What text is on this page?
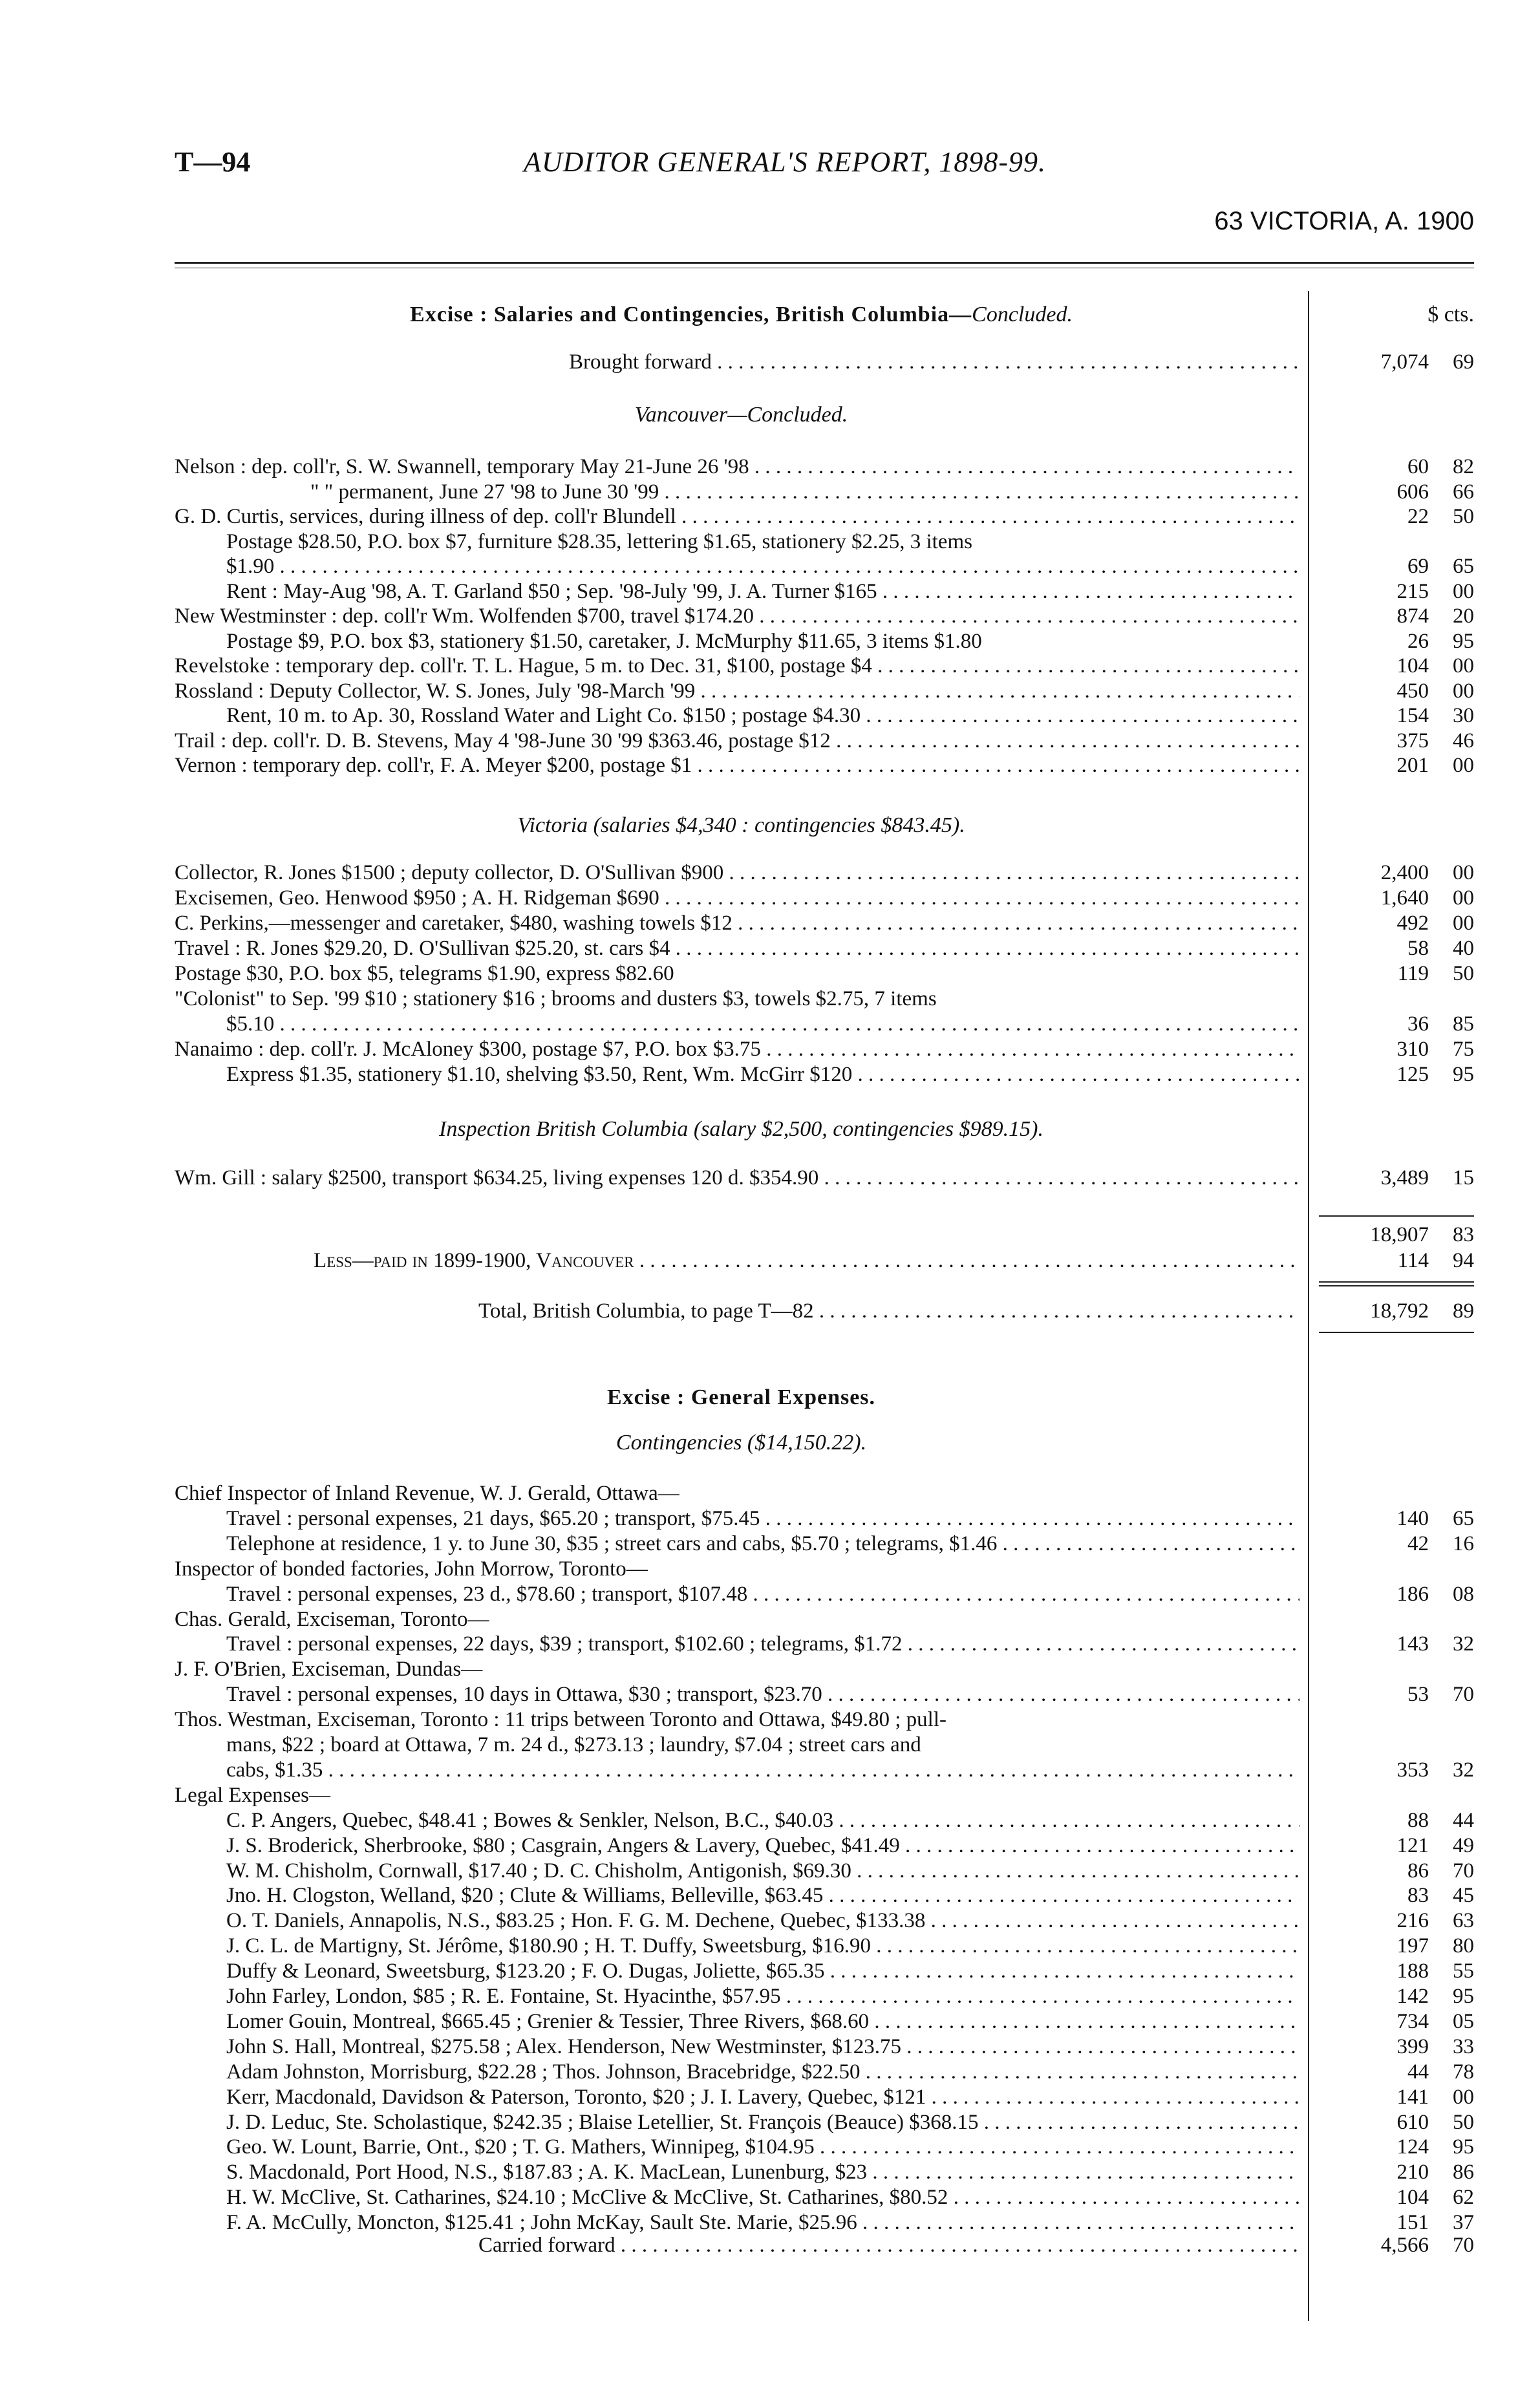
T—94	AUDITOR GENERAL'S REPORT, 1898-99.
63 VICTORIA, A. 1900
Excise : Salaries and Contingencies, British Columbia—Concluded.	$ cts.
Brought forward . . .	7,074 69
Vancouver—Concluded.
Nelson : dep. coll'r, S. W. Swannell, temporary May 21-June 26 '98 . . .	60 82
" " permanent, June 27 '98 to June 30 '99 . . .	606 66
G. D. Curtis, services, during illness of dep. coll'r Blundell . . .	22 50
Postage $28.50, P.O. box $7, furniture $28.35, lettering $1.65, stationery $2.25, 3 items
$1.90 . . .	69 65
Rent : May-Aug '98, A. T. Garland $50 ; Sep. '98-July '99, J. A. Turner $165 . . .	215 00
New Westminster : dep. coll'r Wm. Wolfenden $700, travel $174.20 . . .	874 20
Postage $9, P.O. box $3, stationery $1.50, caretaker, J. McMurphy $11.65, 3 items $1.80	26 95
Revelstoke : temporary dep. coll'r. T. L. Hague, 5 m. to Dec. 31, $100, postage $4 . . .	104 00
Rossland : Deputy Collector, W. S. Jones, July '98-March '99 . . .	450 00
Rent, 10 m. to Ap. 30, Rossland Water and Light Co. $150 ; postage $4.30 . . .	154 30
Trail : dep. coll'r. D. B. Stevens, May 4 '98-June 30 '99 $363.46, postage $12 . . .	375 46
Vernon : temporary dep. coll'r, F. A. Meyer $200, postage $1 . . .	201 00
Victoria (salaries $4,340 : contingencies $843.45).
Collector, R. Jones $1500 ; deputy collector, D. O'Sullivan $900 . . .	2,400 00
Excisemen, Geo. Henwood $950 ; A. H. Ridgeman $690 . . .	1,640 00
C. Perkins,—messenger and caretaker, $480, washing towels $12 . . .	492 00
Travel : R. Jones $29.20, D. O'Sullivan $25.20, st. cars $4 . . .	58 40
Postage $30, P.O. box $5, telegrams $1.90, express $82.60	119 50
"Colonist" to Sep. '99 $10 ; stationery $16 ; brooms and dusters $3, towels $2.75, 7 items
$5.10 . . .	36 85
Nanaimo : dep. coll'r. J. McAloney $300, postage $7, P.O. box $3.75 . . .	310 75
Express $1.35, stationery $1.10, shelving $3.50, Rent, Wm. McGirr $120 . . .	125 95
Inspection British Columbia (salary $2,500, contingencies $989.15).
Wm. Gill : salary $2500, transport $634.25, living expenses 120 d. $354.90 . . .	3,489 15
18,907 83
Less—paid in 1899-1900, Vancouver . . .	114 94
Total, British Columbia, to page T—82 . . .	18,792 89
Excise : General Expenses.
Contingencies ($14,150.22).
Chief Inspector of Inland Revenue, W. J. Gerald, Ottawa—
Travel : personal expenses, 21 days, $65.20 ; transport, $75.45 . . .	140 65
Telephone at residence, 1 y. to June 30, $35 ; street cars and cabs, $5.70 ; telegrams, $1.46 . . .	42 16
Inspector of bonded factories, John Morrow, Toronto—
Travel : personal expenses, 23 d., $78.60 ; transport, $107.48 . . .	186 08
Chas. Gerald, Exciseman, Toronto—
Travel : personal expenses, 22 days, $39 ; transport, $102.60 ; telegrams, $1.72 . . .	143 32
J. F. O'Brien, Exciseman, Dundas—
Travel : personal expenses, 10 days in Ottawa, $30 ; transport, $23.70 . . .	53 70
Thos. Westman, Exciseman, Toronto : 11 trips between Toronto and Ottawa, $49.80 ; pull-
mans, $22 ; board at Ottawa, 7 m. 24 d., $273.13 ; laundry, $7.04 ; street cars and
cabs, $1.35 . . .	353 32
Legal Expenses—
C. P. Angers, Quebec, $48.41 ; Bowes & Senkler, Nelson, B.C., $40.03 . . .	88 44
J. S. Broderick, Sherbrooke, $80 ; Casgrain, Angers & Lavery, Quebec, $41.49 . . .	121 49
W. M. Chisholm, Cornwall, $17.40 ; D. C. Chisholm, Antigonish, $69.30 . . .	86 70
Jno. H. Clogston, Welland, $20 ; Clute & Williams, Belleville, $63.45 . . .	83 45
O. T. Daniels, Annapolis, N.S., $83.25 ; Hon. F. G. M. Dechene, Quebec, $133.38 . . .	216 63
J. C. L. de Martigny, St. Jérôme, $180.90 ; H. T. Duffy, Sweetsburg, $16.90 . . .	197 80
Duffy & Leonard, Sweetsburg, $123.20 ; F. O. Dugas, Joliette, $65.35 . . .	188 55
John Farley, London, $85 ; R. E. Fontaine, St. Hyacinthe, $57.95 . . .	142 95
Lomer Gouin, Montreal, $665.45 ; Grenier & Tessier, Three Rivers, $68.60 . . .	734 05
John S. Hall, Montreal, $275.58 ; Alex. Henderson, New Westminster, $123.75 . . .	399 33
Adam Johnston, Morrisburg, $22.28 ; Thos. Johnson, Bracebridge, $22.50 . . .	44 78
Kerr, Macdonald, Davidson & Paterson, Toronto, $20 ; J. I. Lavery, Quebec, $121 . . .	141 00
J. D. Leduc, Ste. Scholastique, $242.35 ; Blaise Letellier, St. François (Beauce) $368.15 . . .	610 50
Geo. W. Lount, Barrie, Ont., $20 ; T. G. Mathers, Winnipeg, $104.95 . . .	124 95
S. Macdonald, Port Hood, N.S., $187.83 ; A. K. MacLean, Lunenburg, $23 . . .	210 86
H. W. McClive, St. Catharines, $24.10 ; McClive & McClive, St. Catharines, $80.52 . . .	104 62
F. A. McCully, Moncton, $125.41 ; John McKay, Sault Ste. Marie, $25.96 . . .	151 37
Carried forward . . .	4,566 70
